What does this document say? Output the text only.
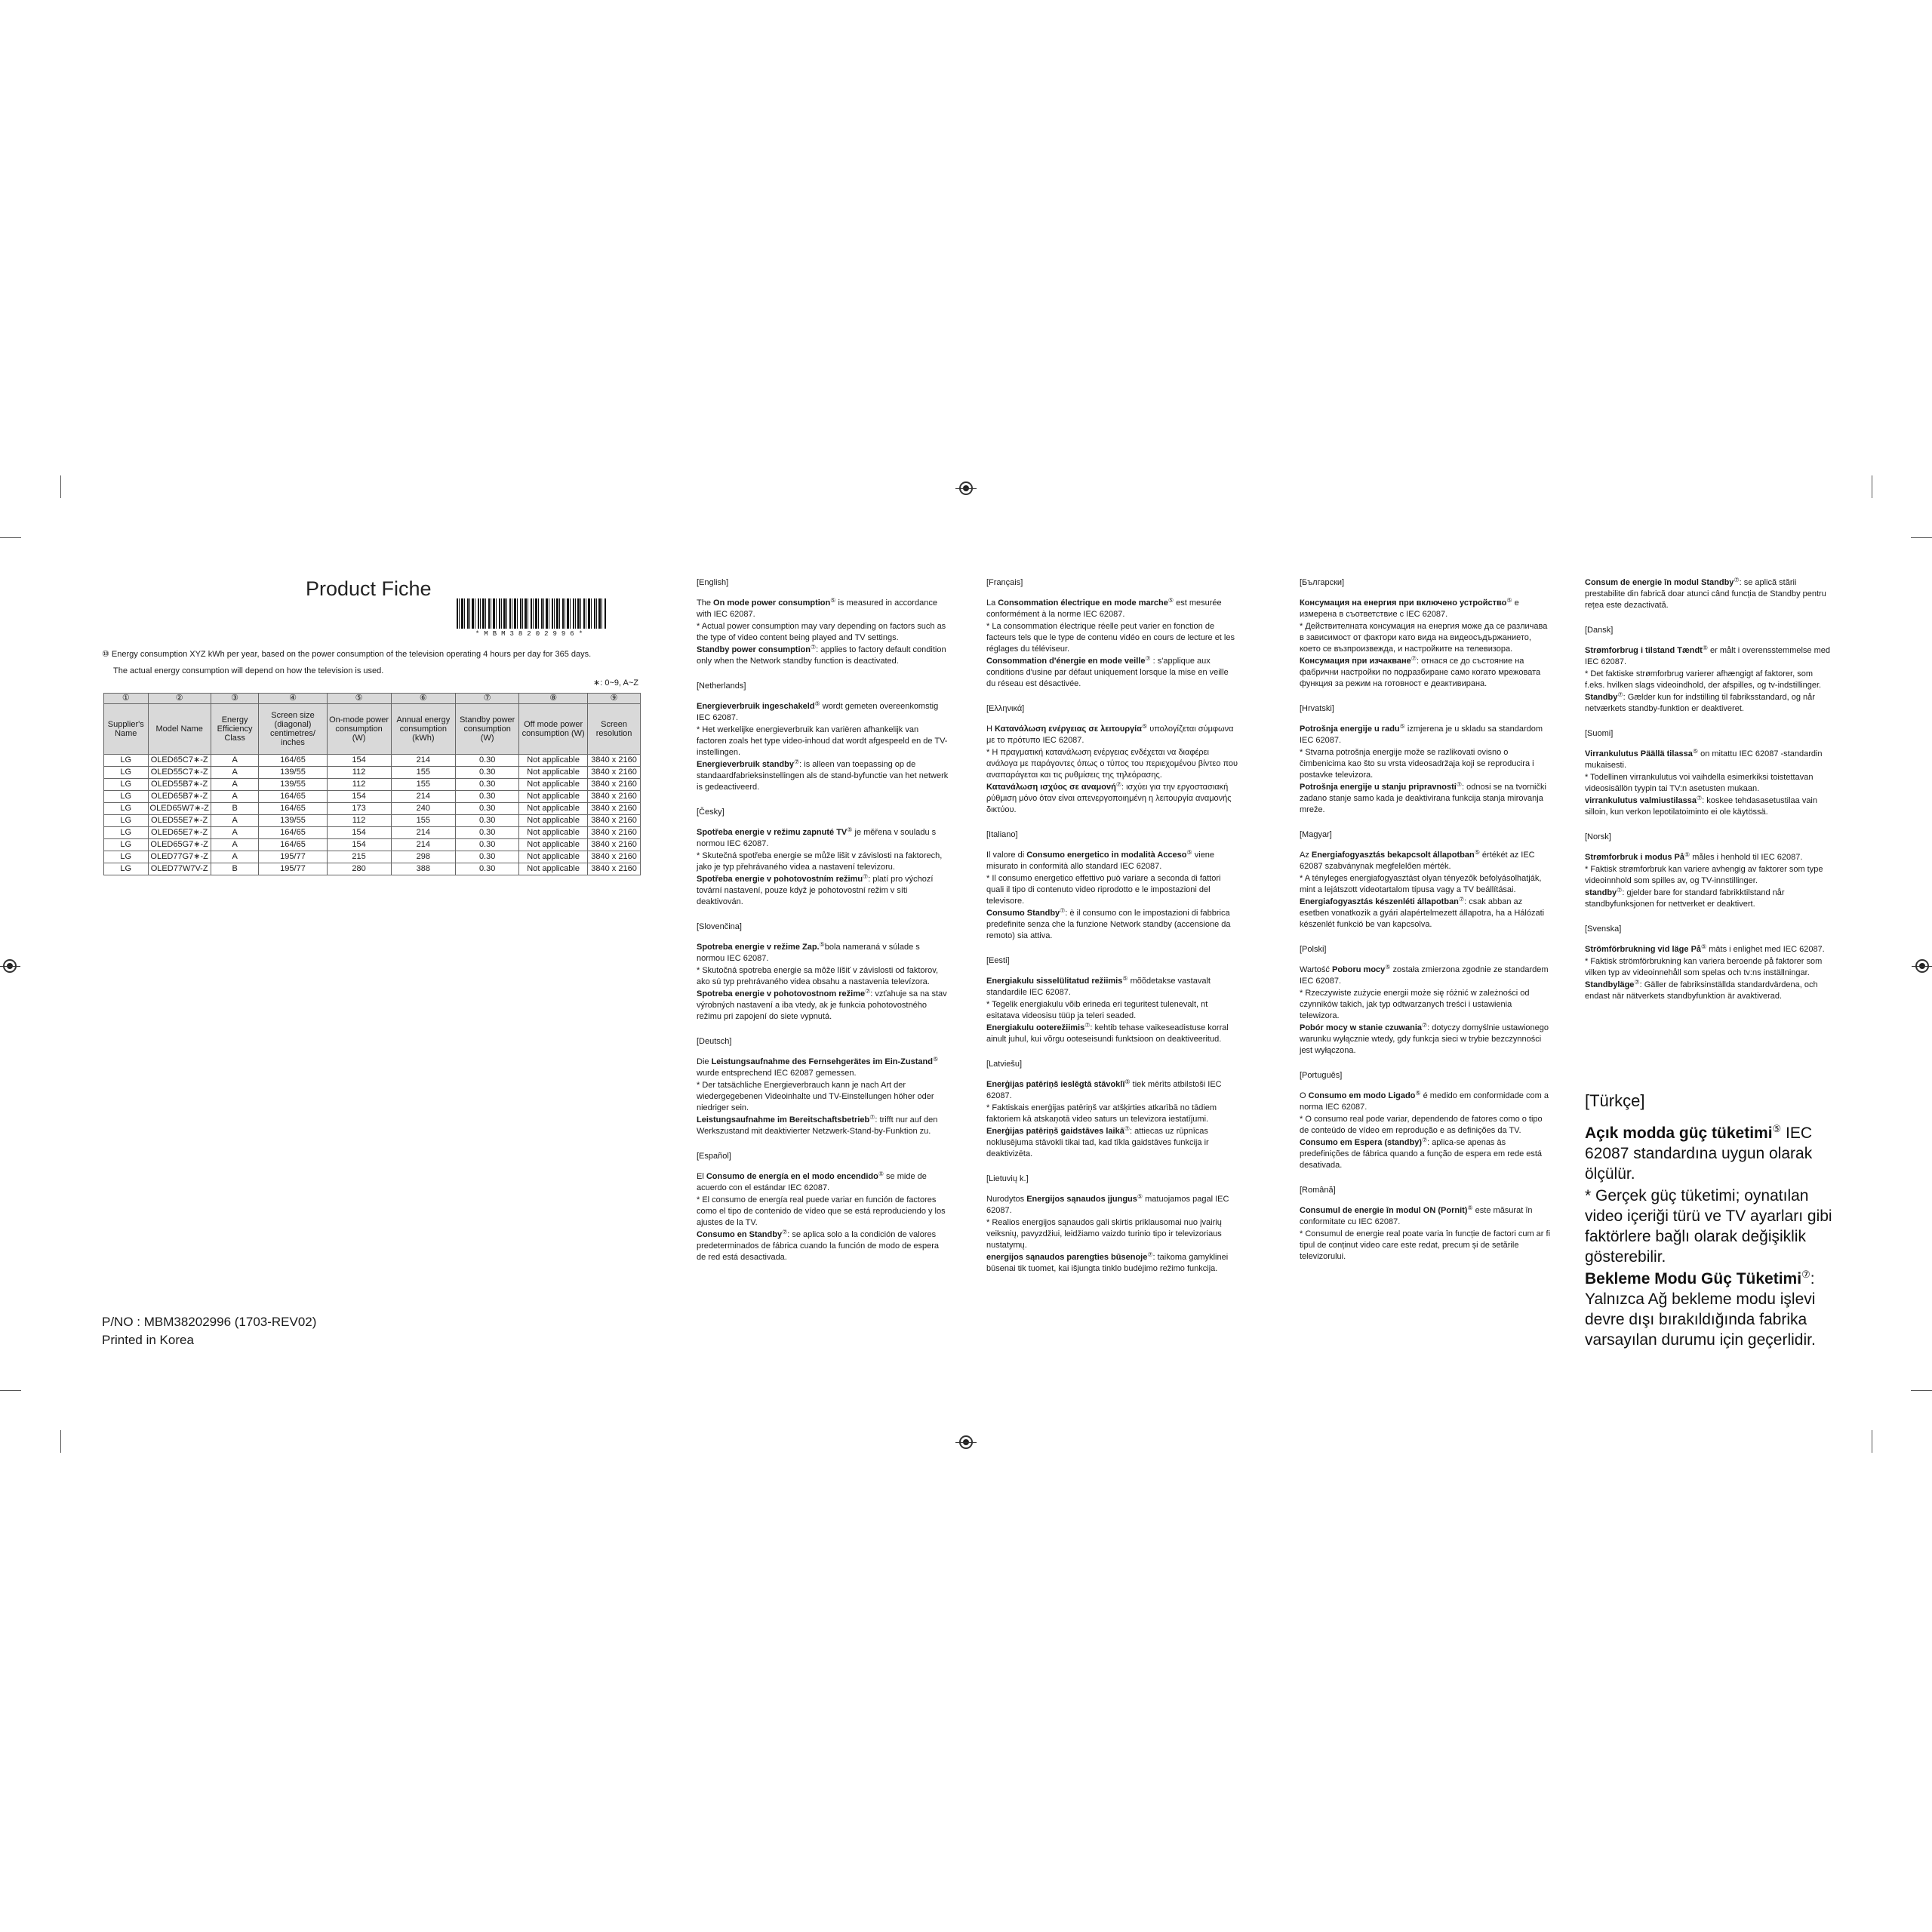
Product Fiche
*MBM38202996*
⑩ Energy consumption XYZ kWh per year, based on the power consumption of the television operating 4 hours per day for 365 days.
The actual energy consumption will depend on how the television is used.
∗: 0~9, A~Z
①	②	③	④	⑤	⑥	⑦	⑧	⑨
Supplier's Name	Model Name	Energy Efficiency Class	Screen size (diagonal) centimetres/ inches	On-mode power consumption (W)	Annual energy consumption (kWh)	Standby power consumption (W)	Off mode power consumption (W)	Screen resolution
LG	OLED65C7∗-Z	A	164/65	154	214	0.30	Not applicable	3840 x 2160
LG	OLED55C7∗-Z	A	139/55	112	155	0.30	Not applicable	3840 x 2160
LG	OLED55B7∗-Z	A	139/55	112	155	0.30	Not applicable	3840 x 2160
LG	OLED65B7∗-Z	A	164/65	154	214	0.30	Not applicable	3840 x 2160
LG	OLED65W7∗-Z	B	164/65	173	240	0.30	Not applicable	3840 x 2160
LG	OLED55E7∗-Z	A	139/55	112	155	0.30	Not applicable	3840 x 2160
LG	OLED65E7∗-Z	A	164/65	154	214	0.30	Not applicable	3840 x 2160
LG	OLED65G7∗-Z	A	164/65	154	214	0.30	Not applicable	3840 x 2160
LG	OLED77G7∗-Z	A	195/77	215	298	0.30	Not applicable	3840 x 2160
LG	OLED77W7V-Z	B	195/77	280	388	0.30	Not applicable	3840 x 2160
P/NO : MBM38202996 (1703-REV02)
Printed in Korea
[English]

The On mode power consumption⑤ is measured in accordance with IEC 62087.

* Actual power consumption may vary depending on factors such as the type of video content being played and TV settings.

Standby power consumption⑦: applies to factory default condition only when the Network standby function is deactivated.

[Netherlands]

Energieverbruik ingeschakeld⑤ wordt gemeten overeenkomstig IEC 62087.

* Het werkelijke energieverbruik kan variëren afhankelijk van factoren zoals het type video-inhoud dat wordt afgespeeld en de TV-instellingen.

Energieverbruik standby⑦: is alleen van toepassing op de standaardfabrieksinstellingen als de stand-byfunctie van het netwerk is gedeactiveerd.

[Česky]

Spotřeba energie v režimu zapnuté TV⑤ je měřena v souladu s normou IEC 62087.

* Skutečná spotřeba energie se může lišit v závislosti na faktorech, jako je typ přehrávaného videa a nastavení televizoru.

Spotřeba energie v pohotovostním režimu⑦: platí pro výchozí tovární nastavení, pouze když je pohotovostní režim v síti deaktivován.

[Slovenčina]

Spotreba energie v režime Zap.⑤bola nameraná v súlade s normou IEC 62087.

* Skutočná spotreba energie sa môže líšiť v závislosti od faktorov, ako sú typ prehrávaného videa obsahu a nastavenia televízora.

Spotreba energie v pohotovostnom režime⑦: vzťahuje sa na stav výrobných nastavení a iba vtedy, ak je funkcia pohotovostného režimu pri zapojení do siete vypnutá.

[Deutsch]

Die Leistungsaufnahme des Fernsehgerätes im Ein-Zustand⑤ wurde entsprechend IEC 62087 gemessen.

* Der tatsächliche Energieverbrauch kann je nach Art der wiedergegebenen Videoinhalte und TV-Einstellungen höher oder niedriger sein.

Leistungsaufnahme im Bereitschaftsbetrieb⑦: trifft nur auf den Werkszustand mit deaktivierter Netzwerk-Stand-by-Funktion zu.

[Español]

El Consumo de energía en el modo encendido⑤ se mide de acuerdo con el estándar IEC 62087.

* El consumo de energía real puede variar en función de factores como el tipo de contenido de vídeo que se está reproduciendo y los ajustes de la TV.

Consumo en Standby⑦: se aplica solo a la condición de valores predeterminados de fábrica cuando la función de modo de espera de red está desactivada.

[Français]

La Consommation électrique en mode marche⑤ est mesurée conformément à la norme IEC 62087.

* La consommation électrique réelle peut varier en fonction de facteurs tels que le type de contenu vidéo en cours de lecture et les réglages du téléviseur.

Consommation d'énergie en mode veille⑦ : s'applique aux conditions d'usine par défaut uniquement lorsque la mise en veille du réseau est désactivée.

[Ελληνικά]

Η Κατανάλωση ενέργειας σε λειτουργία⑤ υπολογίζεται σύμφωνα με το πρότυπο IEC 62087.

* Η πραγματική κατανάλωση ενέργειας ενδέχεται να διαφέρει ανάλογα με παράγοντες όπως ο τύπος του περιεχομένου βίντεο που αναπαράγεται και τις ρυθμίσεις της τηλεόρασης.

Κατανάλωση ισχύος σε αναμονή⑦: ισχύει για την εργοστασιακή ρύθμιση μόνο όταν είναι απενεργοποιημένη η λειτουργία αναμονής δικτύου.

[Italiano]

Il valore di Consumo energetico in modalità Acceso⑤ viene misurato in conformità allo standard IEC 62087.

* Il consumo energetico effettivo può variare a seconda di fattori quali il tipo di contenuto video riprodotto e le impostazioni del televisore.

Consumo Standby⑦: è il consumo con le impostazioni di fabbrica predefinite senza che la funzione Network standby (accensione da remoto) sia attiva.

[Eesti]

Energiakulu sisselülitatud režiimis⑤ mõõdetakse vastavalt standardile IEC 62087.

* Tegelik energiakulu võib erineda eri teguritest tulenevalt, nt esitatava videosisu tüüp ja teleri seaded.

Energiakulu ooterežiimis⑦: kehtib tehase vaikeseadistuse korral ainult juhul, kui võrgu ooteseisundi funktsioon on deaktiveeritud.

[Latviešu]

Enerģijas patēriņš ieslēgtā stāvoklī⑤ tiek mērīts atbilstoši IEC 62087.

* Faktiskais enerģijas patēriņš var atšķirties atkarībā no tādiem faktoriem kā atskaņotā video saturs un televizora iestatījumi.

Enerģijas patēriņš gaidstāves laikā⑦: attiecas uz rūpnīcas noklusējuma stāvokli tikai tad, kad tīkla gaidstāves funkcija ir deaktivizēta.

[Lietuvių k.]

Nurodytos Energijos sąnaudos įjungus⑤ matuojamos pagal IEC 62087.

* Realios energijos sąnaudos gali skirtis priklausomai nuo įvairių veiksnių, pavyzdžiui, leidžiamo vaizdo turinio tipo ir televizoriaus nustatymų.

energijos sąnaudos parengties būsenoje⑦: taikoma gamyklinei būsenai tik tuomet, kai išjungta tinklo budėjimo režimo funkcija.

[Български]

Консумация на енергия при включено устройство⑤ е измерена в съответствие с IEC 62087.

* Действителната консумация на енергия може да се различава в зависимост от фактори като вида на видеосъдържанието, което се възпроизвежда, и настройките на телевизора.

Консумация при изчакване⑦: отнася се до състояние на фабрични настройки по подразбиране само когато мрежовата функция за режим на готовност е деактивирана.

[Hrvatski]

Potrošnja energije u radu⑤ izmjerena je u skladu sa standardom IEC 62087.

* Stvarna potrošnja energije može se razlikovati ovisno o čimbenicima kao što su vrsta videosadržaja koji se reproducira i postavke televizora.

Potrošnja energije u stanju pripravnosti⑦: odnosi se na tvornički zadano stanje samo kada je deaktivirana funkcija stanja mirovanja mreže.

[Magyar]

Az Energiafogyasztás bekapcsolt állapotban⑤ értékét az IEC 62087 szabványnak megfelelően mérték.

* A tényleges energiafogyasztást olyan tényezők befolyásolhatják, mint a lejátszott videotartalom típusa vagy a TV beállításai.

Energiafogyasztás készenléti állapotban⑦: csak abban az esetben vonatkozik a gyári alapértelmezett állapotra, ha a Hálózati készenlét funkció be van kapcsolva.

[Polski]

Wartość Poboru mocy⑤ została zmierzona zgodnie ze standardem IEC 62087.

* Rzeczywiste zużycie energii może się różnić w zależności od czynników takich, jak typ odtwarzanych treści i ustawienia telewizora.

Pobór mocy w stanie czuwania⑦: dotyczy domyślnie ustawionego warunku wyłącznie wtedy, gdy funkcja sieci w trybie bezczynności jest wyłączona.

[Português]

O Consumo em modo Ligado⑤ é medido em conformidade com a norma IEC 62087.

* O consumo real pode variar, dependendo de fatores como o tipo de conteúdo de vídeo em reprodução e as definições da TV.

Consumo em Espera (standby)⑦: aplica-se apenas às predefinições de fábrica quando a função de espera em rede está desativada.

[Română]

Consumul de energie în modul ON (Pornit)⑤ este măsurat în conformitate cu IEC 62087.

* Consumul de energie real poate varia în funcție de factori cum ar fi tipul de conținut video care este redat, precum și de setările televizorului.

Consum de energie în modul Standby⑦: se aplică stării prestabilite din fabrică doar atunci când funcția de Standby pentru rețea este dezactivată.

[Dansk]

Strømforbrug i tilstand Tændt⑤ er målt i overensstemmelse med IEC 62087.

* Det faktiske strømforbrug varierer afhængigt af faktorer, som f.eks. hvilken slags videoindhold, der afspilles, og tv-indstillinger.

Standby⑦: Gælder kun for indstilling til fabriksstandard, og når netværkets standby-funktion er deaktiveret.

[Suomi]

Virrankulutus Päällä tilassa⑤ on mitattu IEC 62087 -standardin mukaisesti.

* Todellinen virrankulutus voi vaihdella esimerkiksi toistettavan videosisällön tyypin tai TV:n asetusten mukaan.

virrankulutus valmiustilassa⑦: koskee tehdasasetustilaa vain silloin, kun verkon lepotilatoiminto ei ole käytössä.

[Norsk]

Strømforbruk i modus På⑤ måles i henhold til IEC 62087.

* Faktisk strømforbruk kan variere avhengig av faktorer som type videoinnhold som spilles av, og TV-innstillinger.

standby⑦: gjelder bare for standard fabrikktilstand når standbyfunksjonen for nettverket er deaktivert.

[Svenska]

Strömförbrukning vid läge På⑤ mäts i enlighet med IEC 62087.

* Faktisk strömförbrukning kan variera beroende på faktorer som vilken typ av videoinnehåll som spelas och tv:ns inställningar.

Standbyläge⑦: Gäller de fabriksinställda standardvärdena, och endast när nätverkets standbyfunktion är avaktiverad.

[Türkçe]

Açık modda güç tüketimi⑤ IEC 62087 standardına uygun olarak ölçülür.

* Gerçek güç tüketimi; oynatılan video içeriği türü ve TV ayarları gibi faktörlere bağlı olarak değişiklik gösterebilir.

Bekleme Modu Güç Tüketimi⑦: Yalnızca Ağ bekleme modu işlevi devre dışı bırakıldığında fabrika varsayılan durumu için geçerlidir.
